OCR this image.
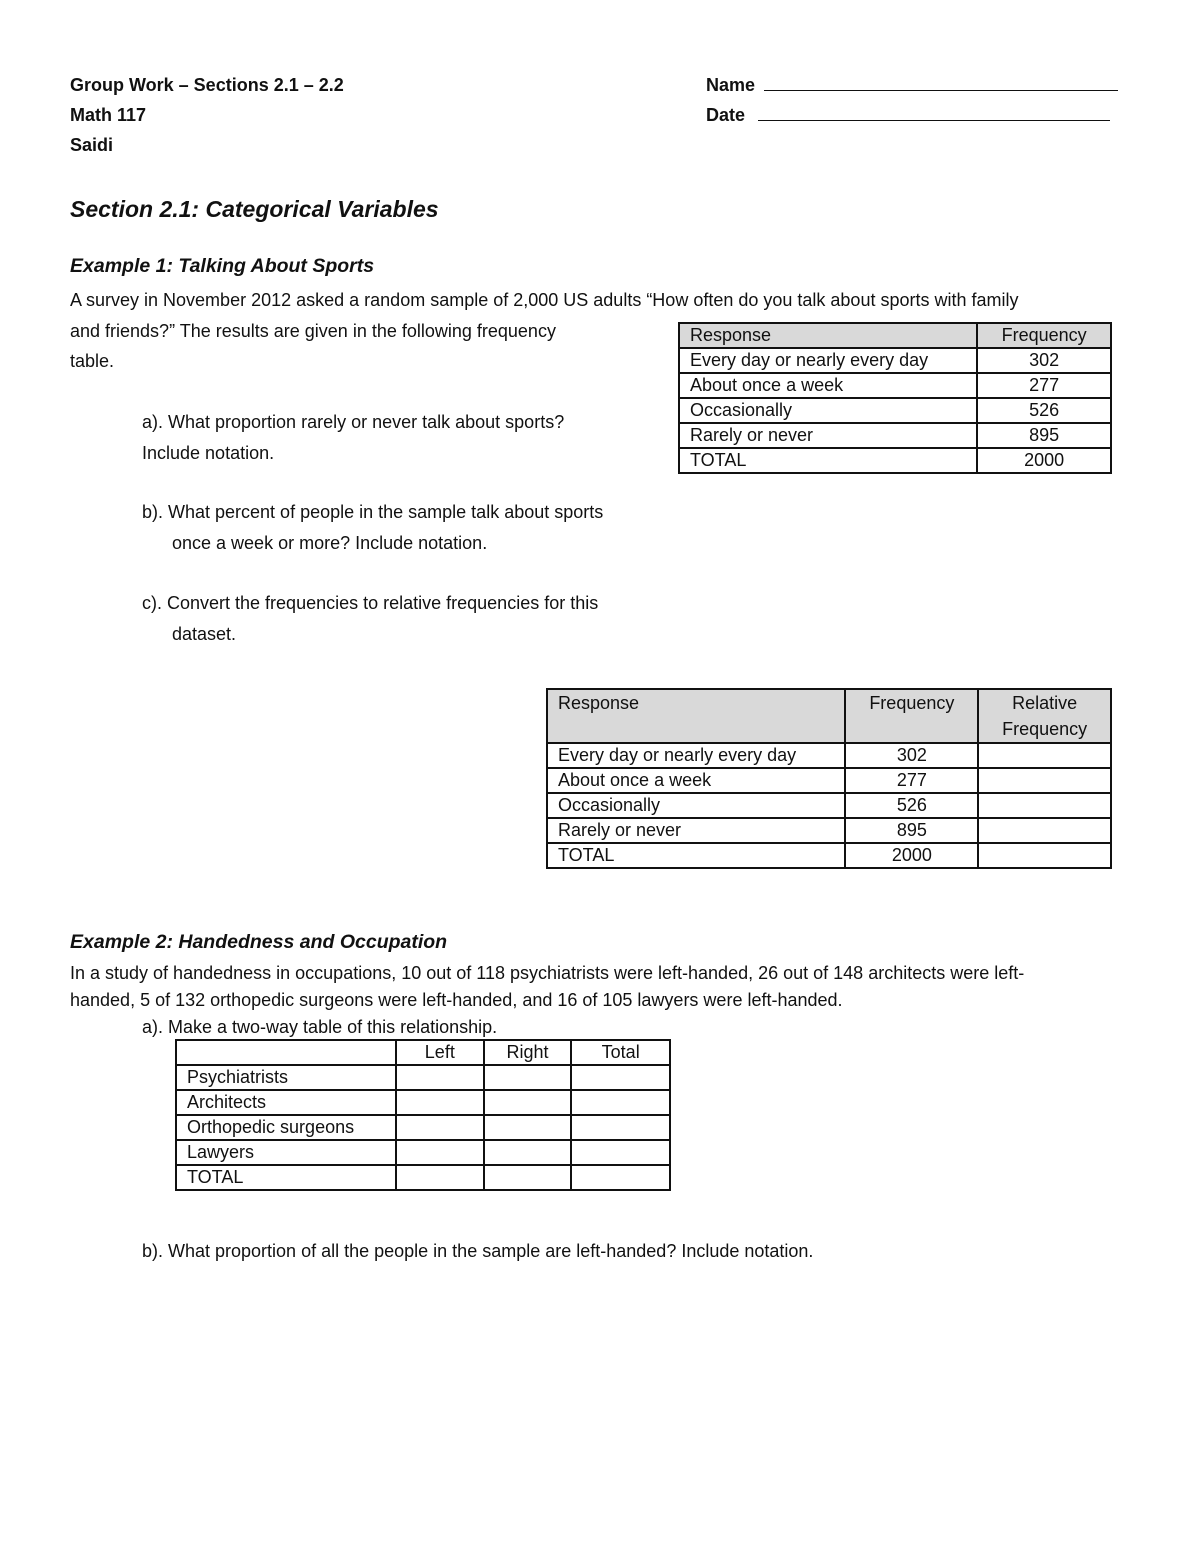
Group Work – Sections 2.1 – 2.2
Math 117
Saidi
Name
Date
Section 2.1: Categorical Variables
Example 1: Talking About Sports
A survey in November 2012 asked a random sample of 2,000 US adults “How often do you talk about sports with family
and friends?” The results are given in the following frequency
table.
a). What proportion rarely or never talk about sports?
Include notation.
b). What percent of people in the sample talk about sports
once a week or more? Include notation.
c). Convert the frequencies to relative frequencies for this
dataset.
Response	Frequency
Every day or nearly every day	302
About once a week	277
Occasionally	526
Rarely or never	895
TOTAL	2000
Response	Frequency	Relative
Frequency

Every day or nearly every day	302	
About once a week	277	
Occasionally	526	
Rarely or never	895	
TOTAL	2000	
Example 2: Handedness and Occupation
In a study of handedness in occupations, 10 out of 118 psychiatrists were left-handed, 26 out of 148 architects were left-
handed, 5 of 132 orthopedic surgeons were left-handed, and 16 of 105 lawyers were left-handed.
a). Make a two-way table of this relationship.
	Left	Right	Total
Psychiatrists			
Architects			
Orthopedic surgeons			
Lawyers			
TOTAL			
b). What proportion of all the people in the sample are left-handed? Include notation.
